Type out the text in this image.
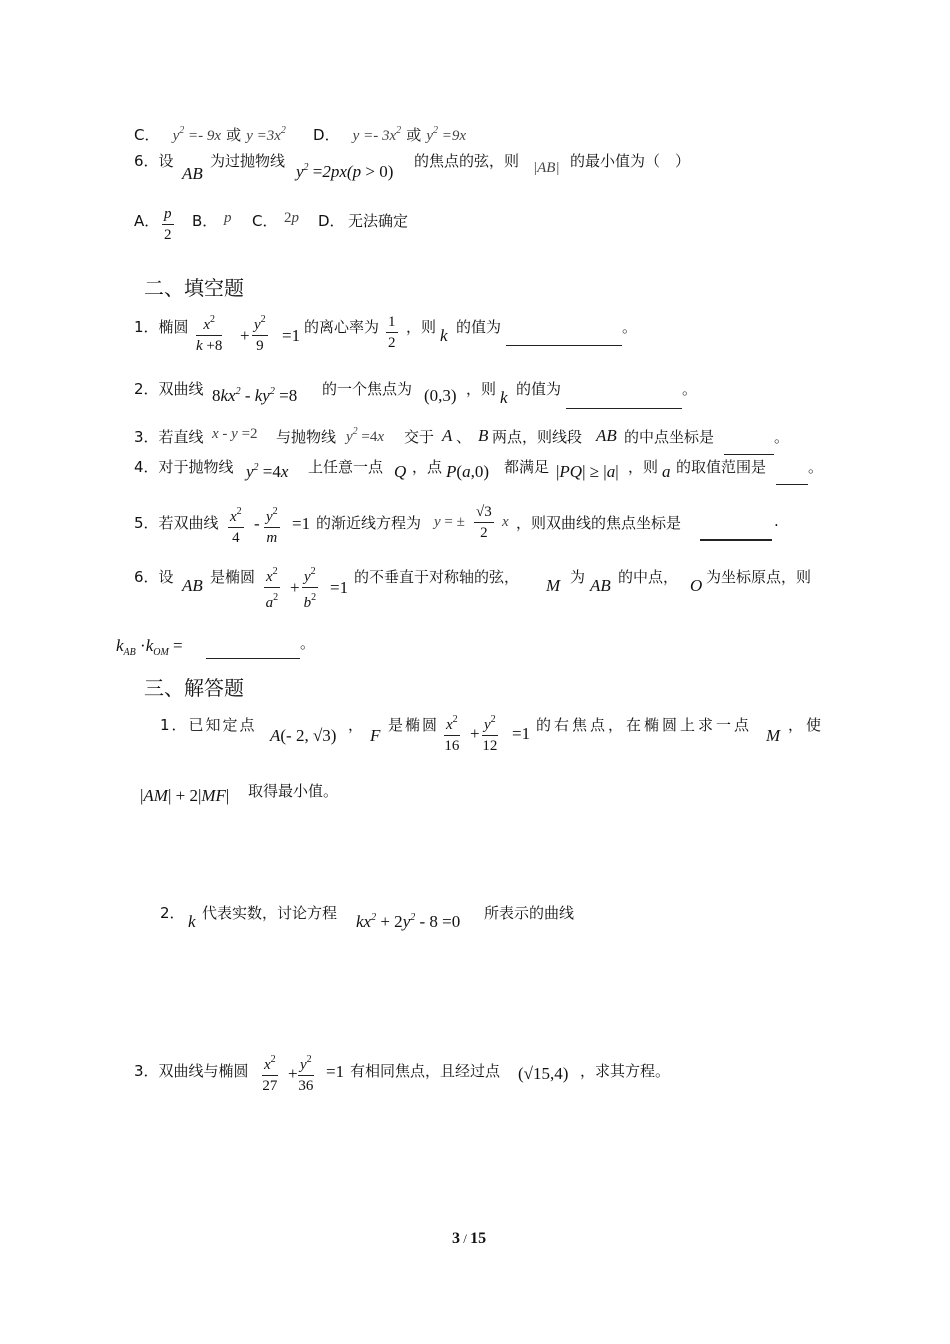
C． $y^2 =- 9x$ 或 $y =3x^2$ D． $y =- 3x^2$ 或 $y^2 =9x$
6．设
AB
为过抛物线
$y^2 =2px(p > 0)$
的焦点的弦，则 |AB| 的最小值为（　）
A． $\frac{p}{2}$ B． p C． 2p D． 无法确定
二、填空题
1．椭圆 $\frac{x^2}{k +8} + \frac{y^2}{9} =1$ 的离心率为 $\frac{1}{2}$ ，则 k 的值为	。
2．双曲线 $8kx^2 - ky^2 =8$ 的一个焦点为 (0,3) ，则 k 的值为	。
3．若直线 x - y =2 与抛物线 $y^2 =4x$ 交于 A 、 B 两点，则线段 AB 的中点坐标是	。
4．对于抛物线 $y^2 =4x$ 上任意一点 Q ，点 P(a,0) 都满足 |PQ| ≥ |a| ，则 a 的取值范围是	。
5．若双曲线 $\frac{x^2}{4} - \frac{y^2}{m} =1$ 的渐近线方程为 y = ± $\frac{√3}{2}$ x ，则双曲线的焦点坐标是	.
6．设 AB 是椭圆 $\frac{x^2}{a^2} + \frac{y^2}{b^2} =1$
的不垂直于对称轴的弦， M 为 AB 的中点， O 为坐标原点，则
$k_{AB} \cdot k_{OM}$ =	。
三、解答题
1．已知定点
A(- 2, √3)
，
F
是椭圆 $\frac{x^2}{16} + \frac{y^2}{12} =1$ 的右焦点，在椭圆上求一点
M
，使
|AM| + 2|MF| 取得最小值。
2． k 代表实数，讨论方程 $kx^2 + 2y^2 - 8 =0$ 所表示的曲线
3．双曲线与椭圆 $\frac{x^2}{27} + \frac{y^2}{36} =1$ 有相同焦点，且经过点 (√15,4) ，求其方程。
3 / 15
